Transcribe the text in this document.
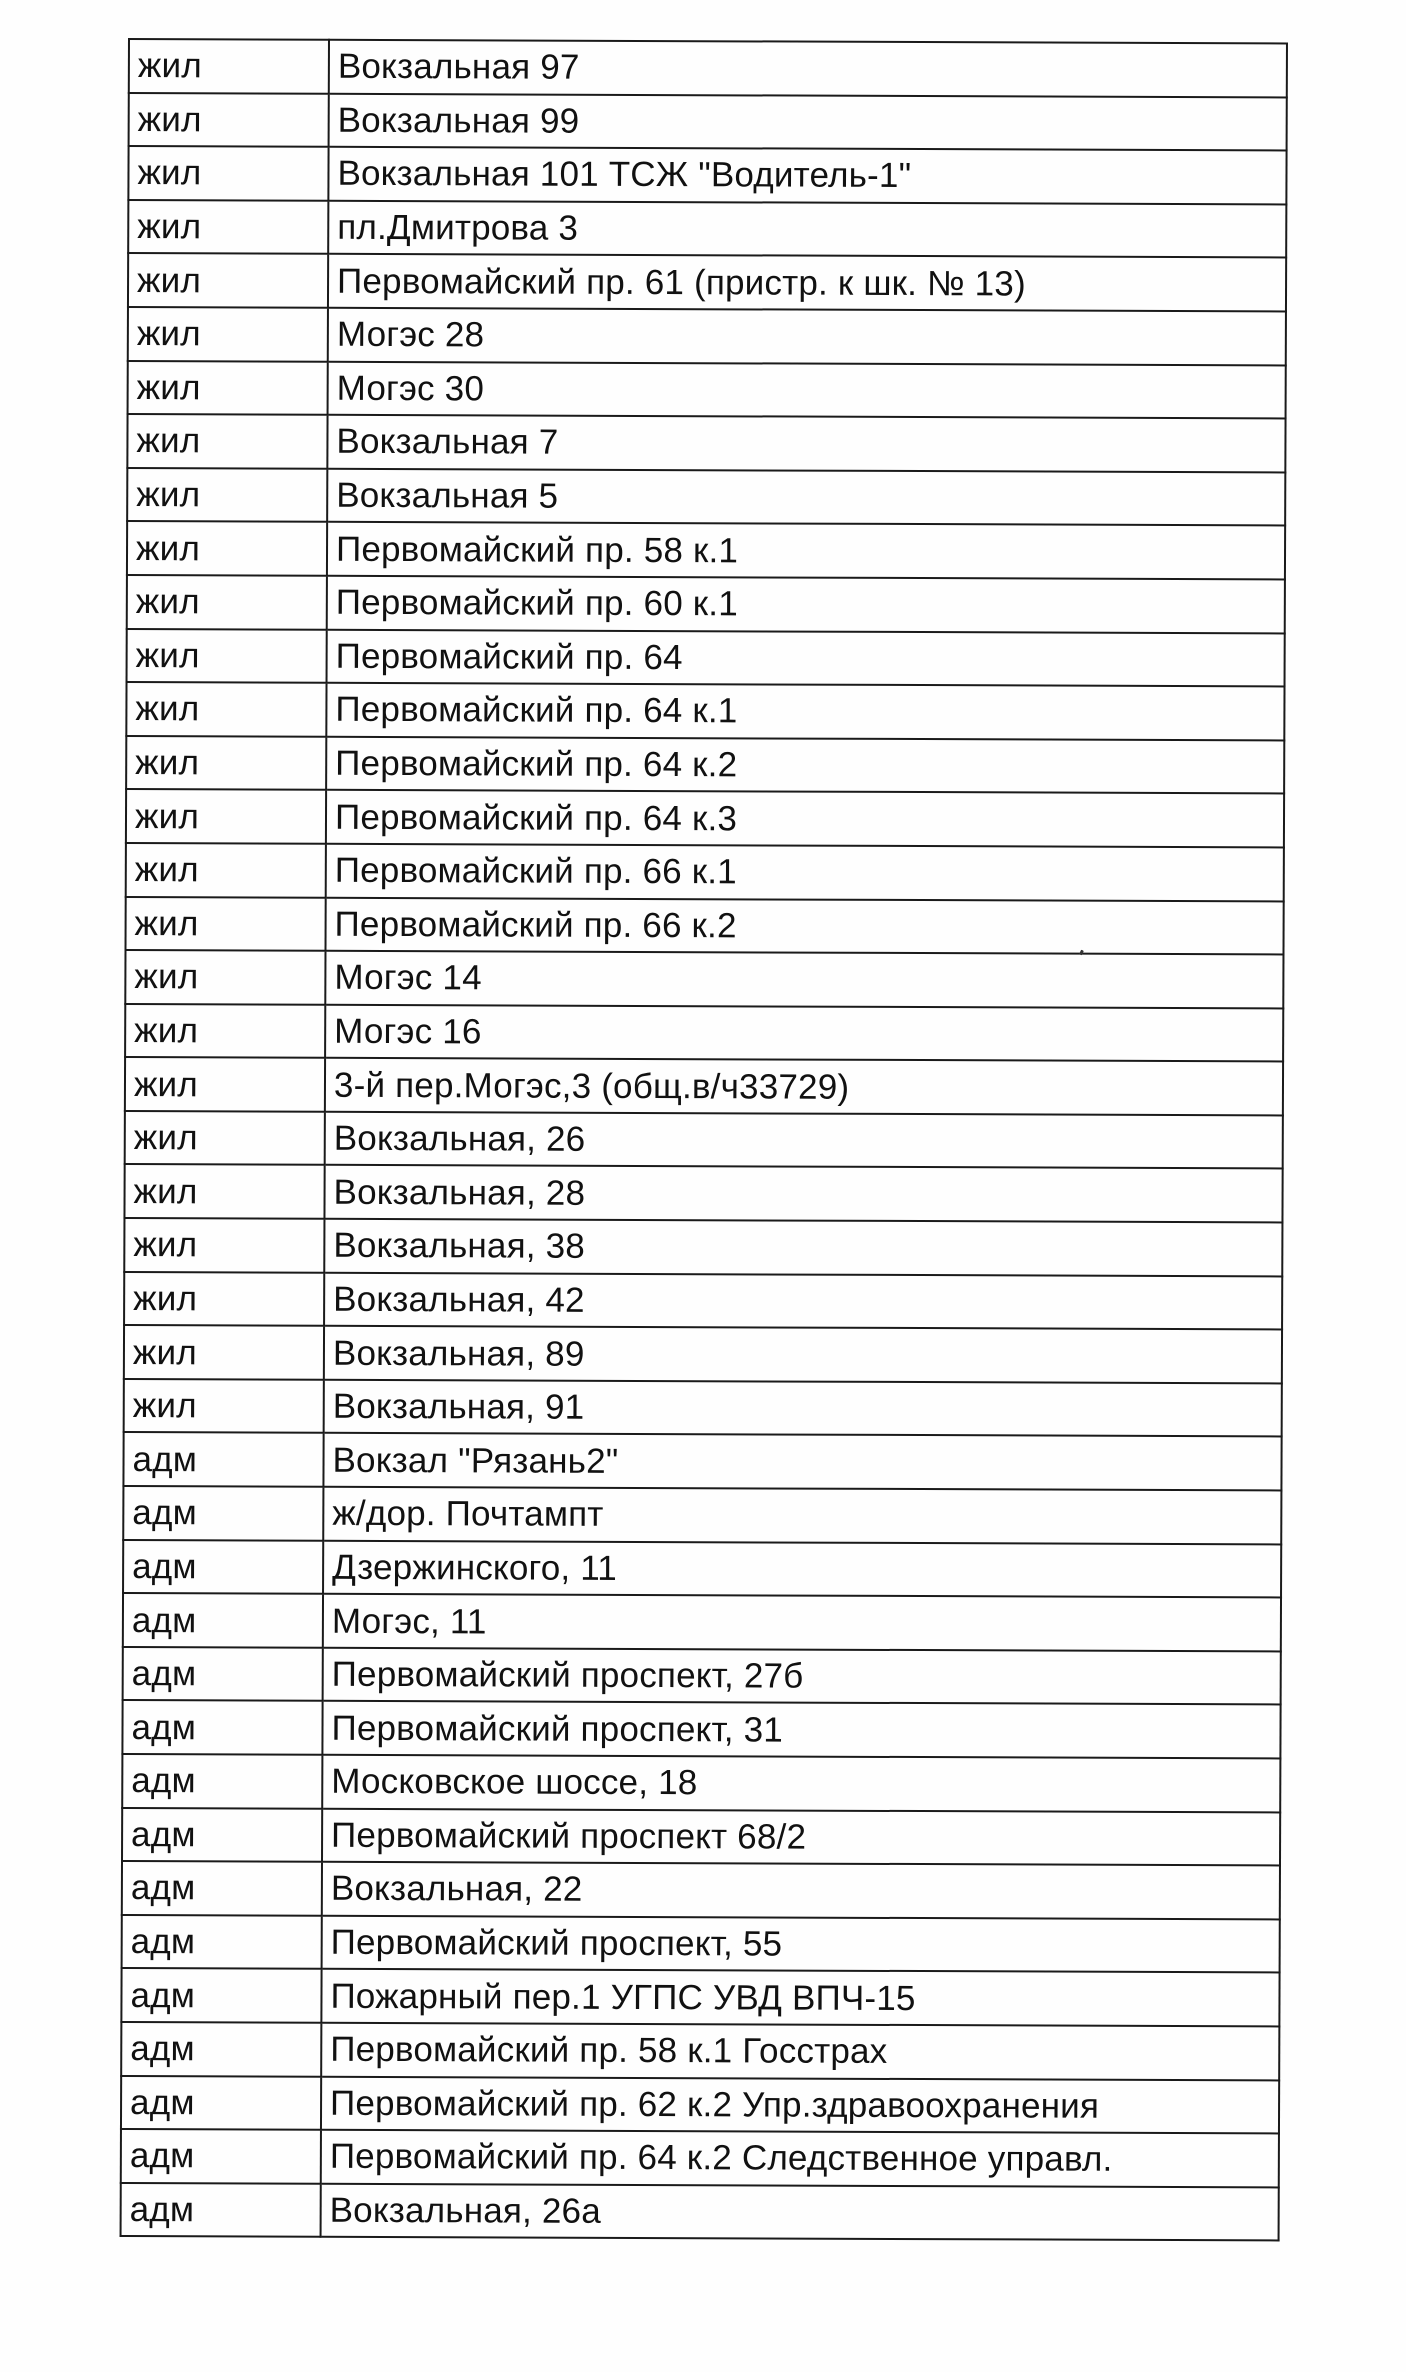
жил	Вокзальная 97
жил	Вокзальная 99
жил	Вокзальная 101 ТСЖ "Водитель-1"
жил	пл.Дмитрова 3
жил	Первомайский пр. 61 (пристр. к шк. № 13)
жил	Могэс 28
жил	Могэс 30
жил	Вокзальная 7
жил	Вокзальная 5
жил	Первомайский пр. 58 к.1
жил	Первомайский пр. 60 к.1
жил	Первомайский пр. 64
жил	Первомайский пр. 64 к.1
жил	Первомайский пр. 64 к.2
жил	Первомайский пр. 64 к.3
жил	Первомайский пр. 66 к.1
жил	Первомайский пр. 66 к.2
жил	Могэс 14
жил	Могэс 16
жил	3-й пер.Могэс,3 (общ.в/ч33729)
жил	Вокзальная, 26
жил	Вокзальная, 28
жил	Вокзальная, 38
жил	Вокзальная, 42
жил	Вокзальная, 89
жил	Вокзальная, 91
адм	Вокзал "Рязань2"
адм	ж/дор. Почтампт
адм	Дзержинского, 11
адм	Могэс, 11
адм	Первомайский проспект, 27б
адм	Первомайский проспект, 31
адм	Московское шоссе, 18
адм	Первомайский проспект 68/2
адм	Вокзальная, 22
адм	Первомайский проспект, 55
адм	Пожарный пер.1 УГПС УВД ВПЧ-15
адм	Первомайский пр. 58 к.1 Госстрах
адм	Первомайский пр. 62 к.2 Упр.здравоохранения
адм	Первомайский пр. 64 к.2 Следственное управл.
адм	Вокзальная, 26а
